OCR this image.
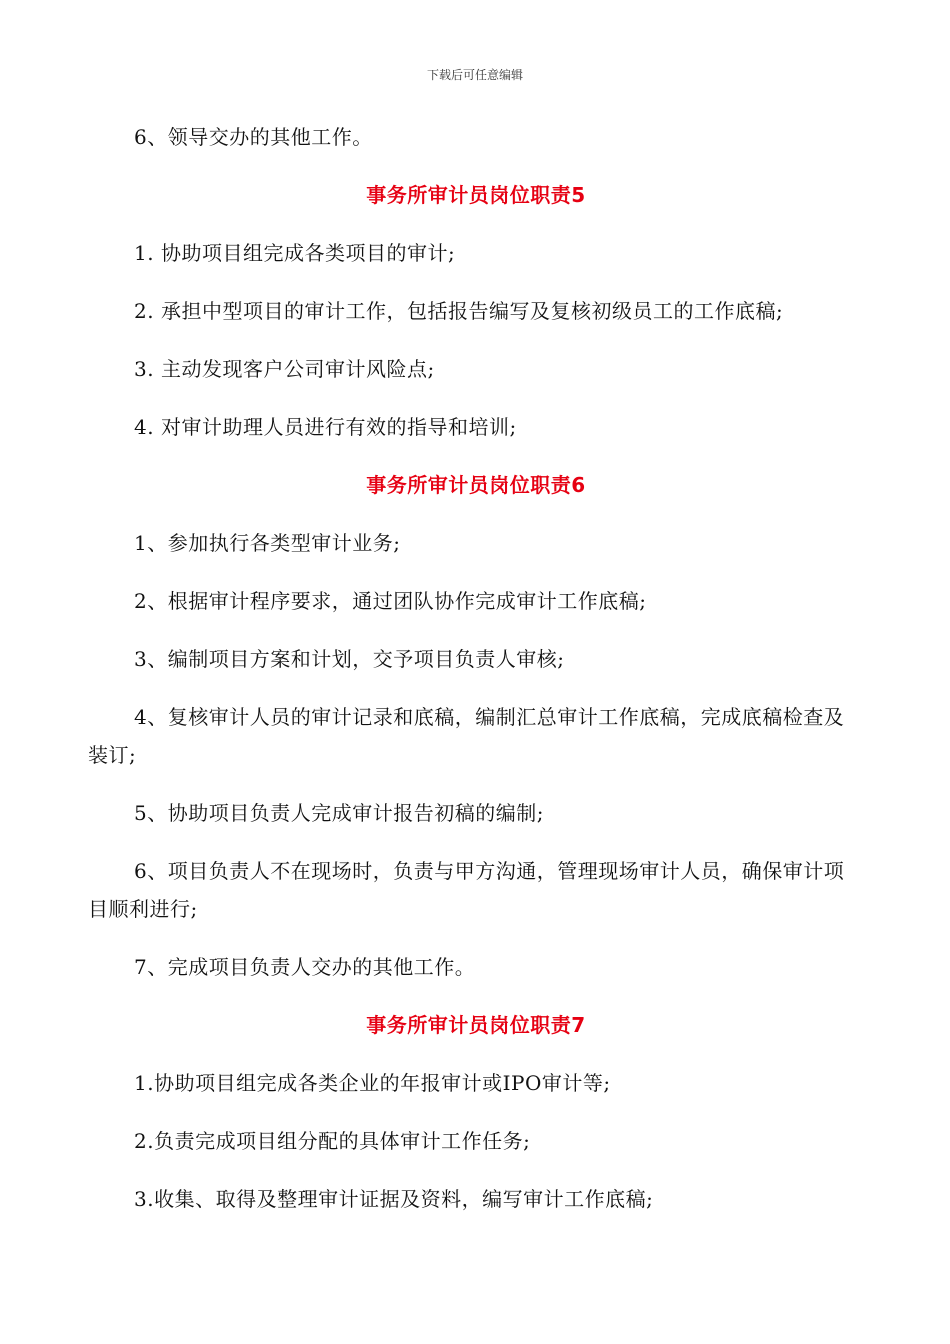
下载后可任意编辑

6、领导交办的其他工作。

事务所审计员岗位职责5

1. 协助项目组完成各类项目的审计;

2. 承担中型项目的审计工作，包括报告编写及复核初级员工的工作底稿;

3. 主动发现客户公司审计风险点;

4. 对审计助理人员进行有效的指导和培训;

事务所审计员岗位职责6

1、参加执行各类型审计业务;

2、根据审计程序要求，通过团队协作完成审计工作底稿;

3、编制项目方案和计划，交予项目负责人审核;

4、复核审计人员的审计记录和底稿，编制汇总审计工作底稿，完成底稿检查及装订;

5、协助项目负责人完成审计报告初稿的编制;

6、项目负责人不在现场时，负责与甲方沟通，管理现场审计人员，确保审计项目顺利进行;

7、完成项目负责人交办的其他工作。

事务所审计员岗位职责7

1.协助项目组完成各类企业的年报审计或IPO审计等;

2.负责完成项目组分配的具体审计工作任务;

3.收集、取得及整理审计证据及资料，编写审计工作底稿;
